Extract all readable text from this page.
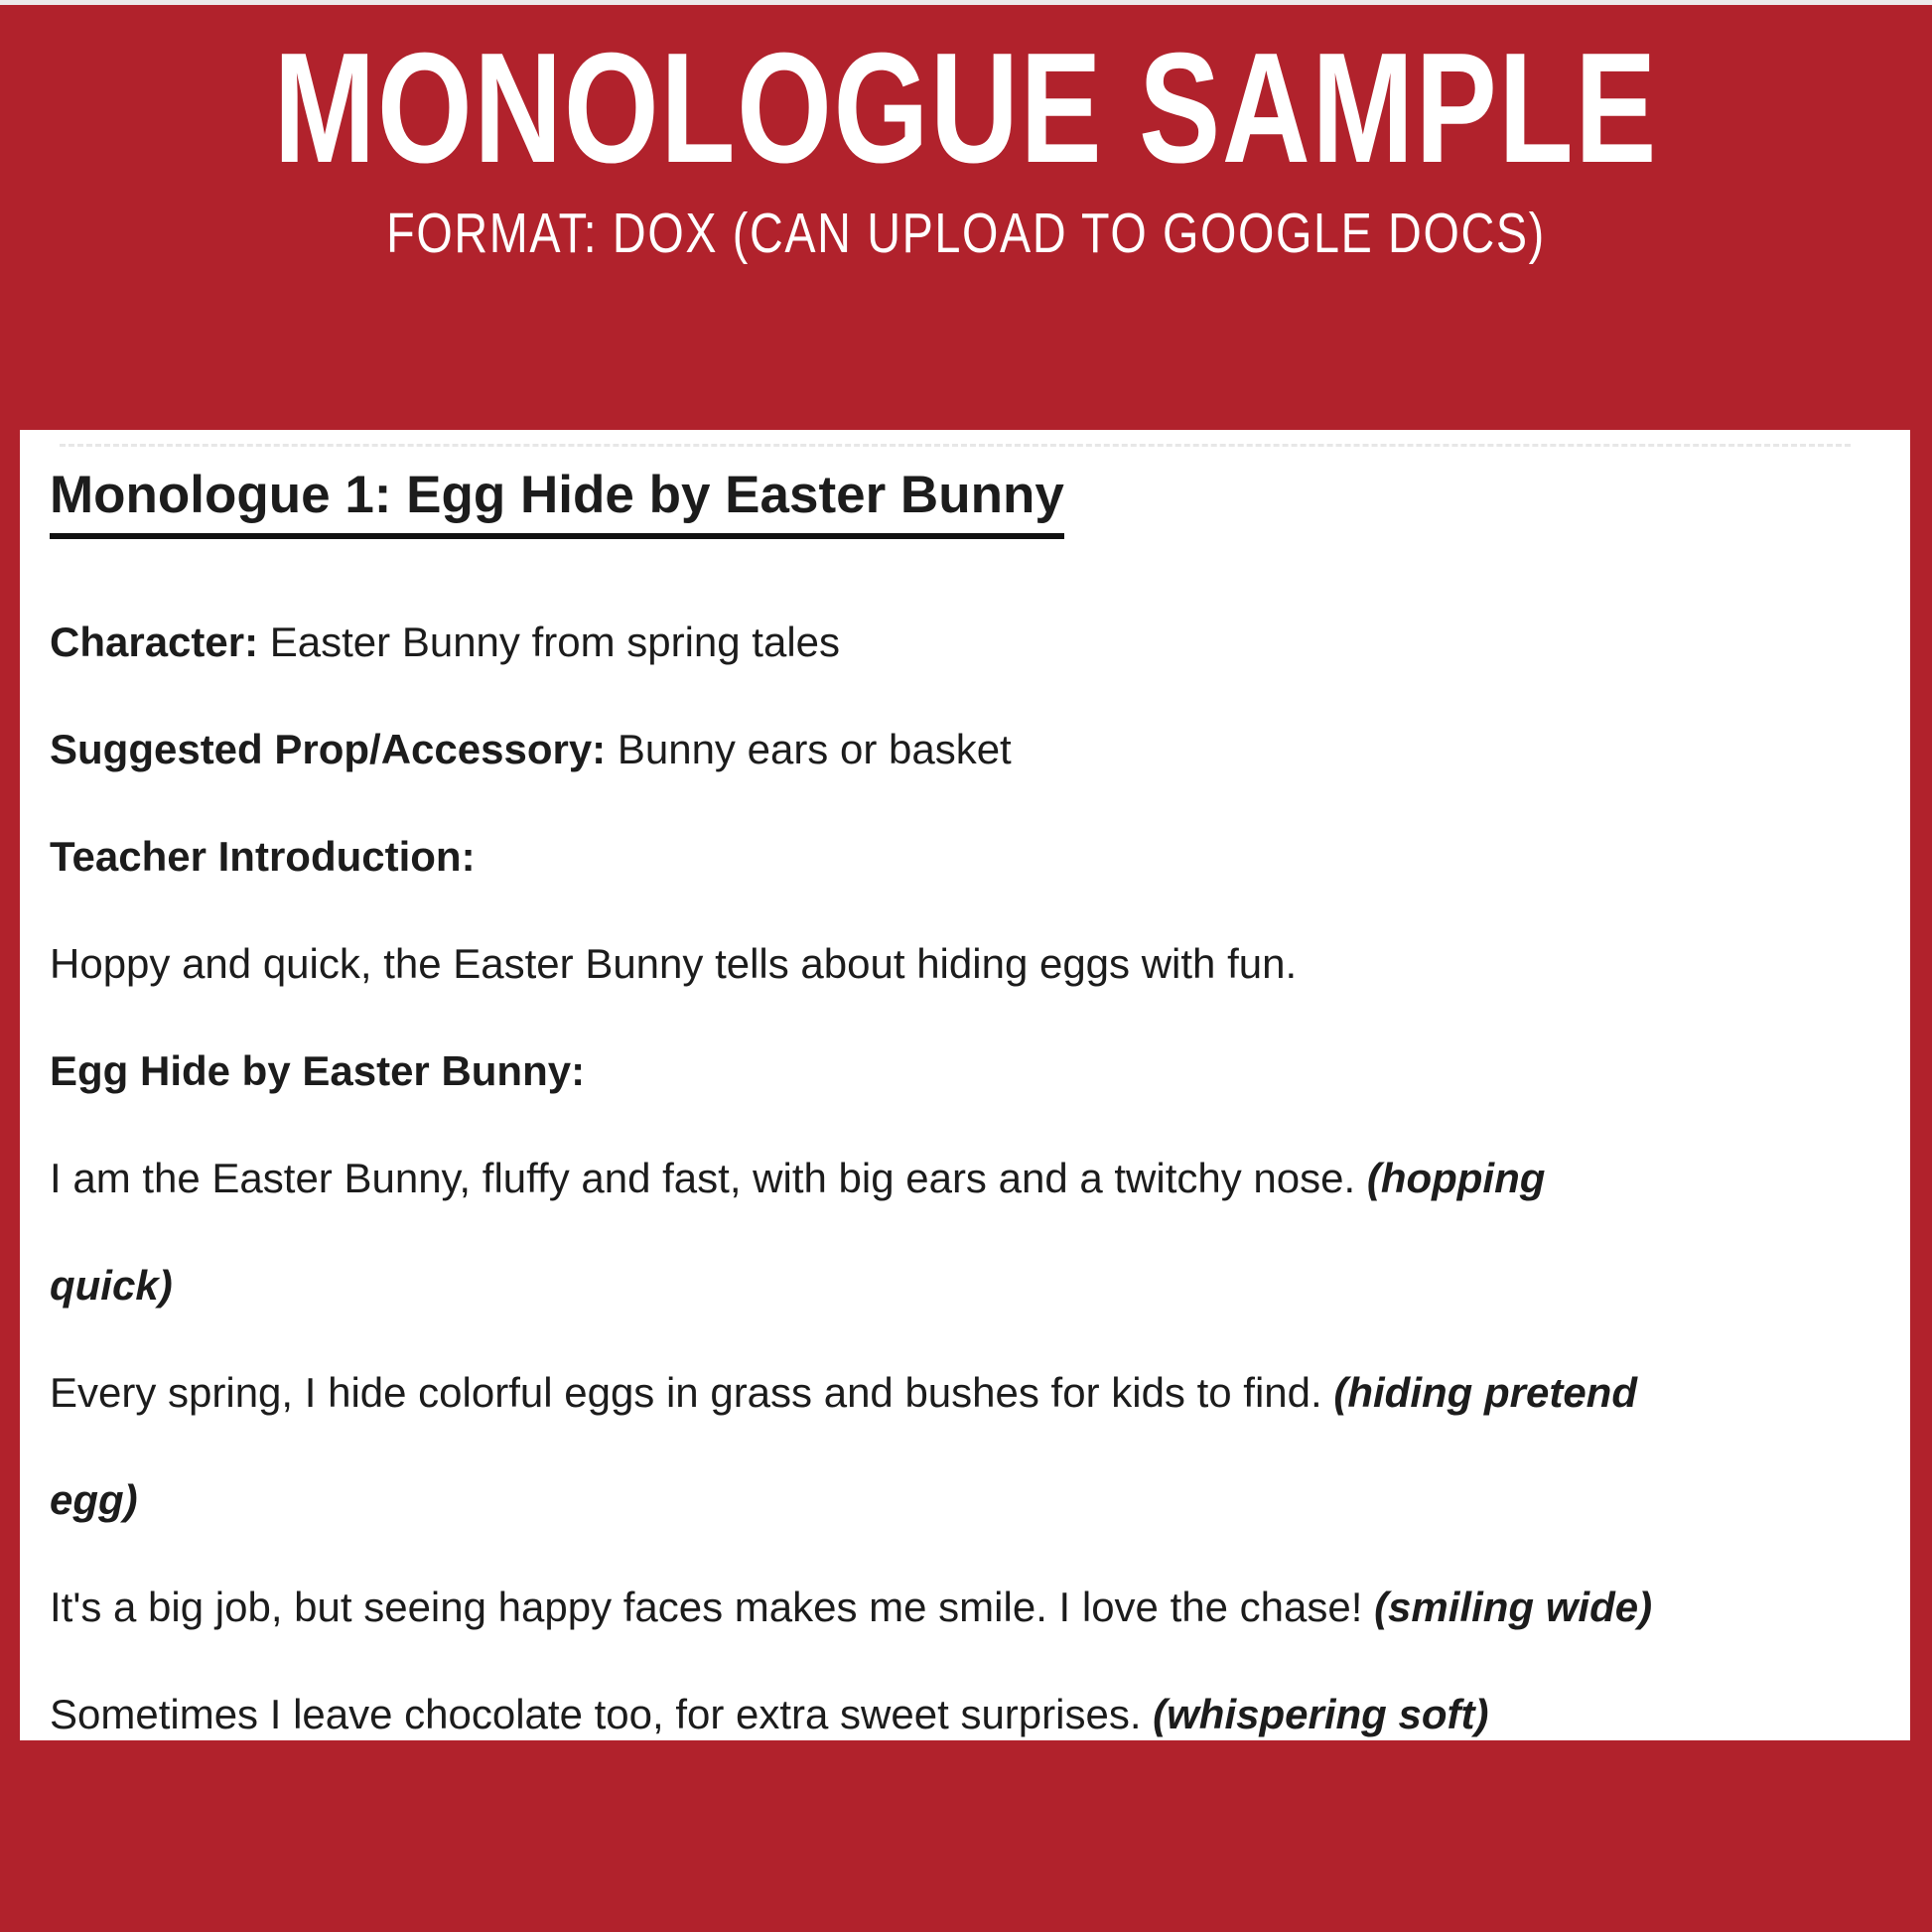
MONOLOGUE SAMPLE
FORMAT: DOX (CAN UPLOAD TO GOOGLE DOCS)
Monologue 1: Egg Hide by Easter Bunny
Character: Easter Bunny from spring tales
Suggested Prop/Accessory: Bunny ears or basket
Teacher Introduction:
Hoppy and quick, the Easter Bunny tells about hiding eggs with fun.
Egg Hide by Easter Bunny:
I am the Easter Bunny, fluffy and fast, with big ears and a twitchy nose. (hopping
quick)
Every spring, I hide colorful eggs in grass and bushes for kids to find. (hiding pretend
egg)
It's a big job, but seeing happy faces makes me smile. I love the chase! (smiling wide)
Sometimes I leave chocolate too, for extra sweet surprises. (whispering soft)
